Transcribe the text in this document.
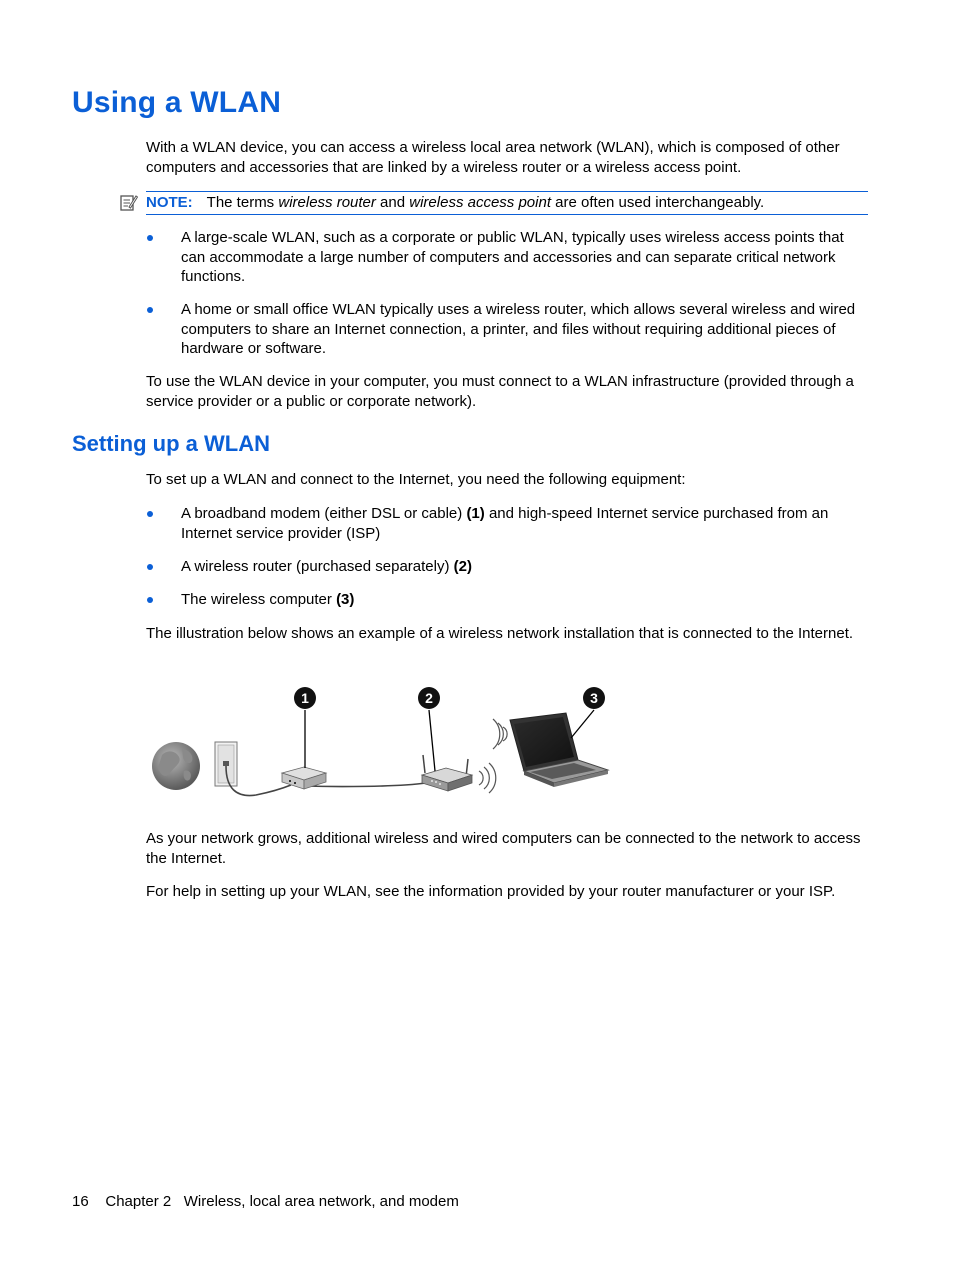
Using a WLAN

With a WLAN device, you can access a wireless local area network (WLAN), which is composed of other computers and accessories that are linked by a wireless router or a wireless access point.

NOTE: The terms wireless router and wireless access point are often used interchangeably.

A large-scale WLAN, such as a corporate or public WLAN, typically uses wireless access points that can accommodate a large number of computers and accessories and can separate critical network functions.

A home or small office WLAN typically uses a wireless router, which allows several wireless and wired computers to share an Internet connection, a printer, and files without requiring additional pieces of hardware or software.

To use the WLAN device in your computer, you must connect to a WLAN infrastructure (provided through a service provider or a public or corporate network).

Setting up a WLAN

To set up a WLAN and connect to the Internet, you need the following equipment:

A broadband modem (either DSL or cable) (1) and high-speed Internet service purchased from an Internet service provider (ISP)

A wireless router (purchased separately) (2)

The wireless computer (3)

The illustration below shows an example of a wireless network installation that is connected to the Internet.

1	2	3

As your network grows, additional wireless and wired computers can be connected to the network to access the Internet.

For help in setting up your WLAN, see the information provided by your router manufacturer or your ISP.

16 Chapter 2 Wireless, local area network, and modem
